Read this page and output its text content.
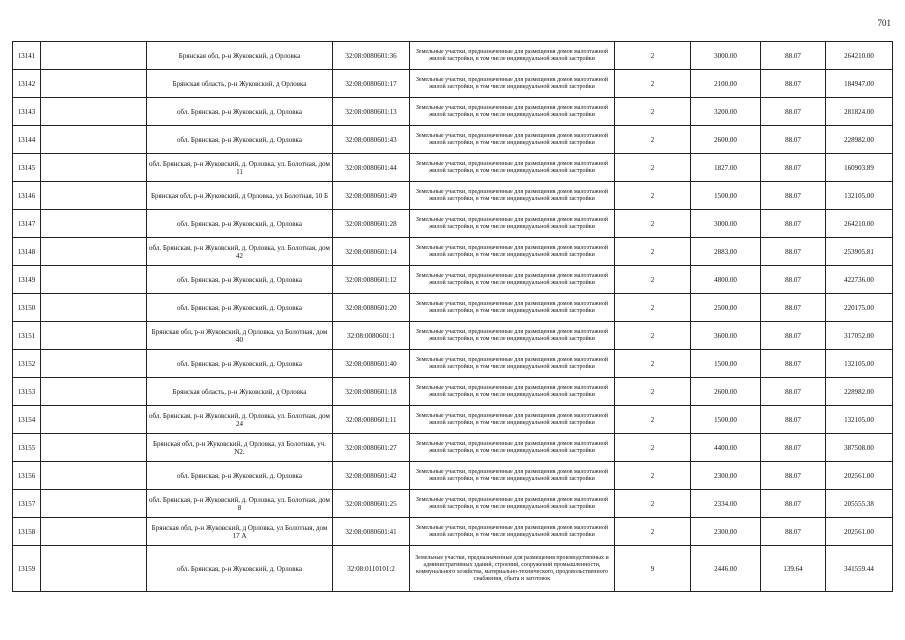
701
13141		Брянская обл, р-н Жуковский, д Орловка	32:08:0080601:36	Земельные участки, предназначенные для размещения домов малоэтажной жилой застройки, в том числе индивидуальной жилой застройки	2	3000.00	88.07	264210.00
13142		Брянская область, р-н Жуковский, д Орловка	32:08:0080601:17	Земельные участки, предназначенные для размещения домов малоэтажной жилой застройки, в том числе индивидуальной жилой застройки	2	2100.00	88.07	184947.00
13143		обл. Брянская, р-н Жуковский, д. Орловка	32:08:0080601:13	Земельные участки, предназначенные для размещения домов малоэтажной жилой застройки, в том числе индивидуальной жилой застройки	2	3200.00	88.07	281824.00
13144		обл. Брянская, р-н Жуковский, д. Орловка	32:08:0080601:43	Земельные участки, предназначенные для размещения домов малоэтажной жилой застройки, в том числе индивидуальной жилой застройки	2	2600.00	88.07	228982.00
13145		обл. Брянская, р-н Жуковский, д. Орловка, ул. Болотная, дом 11	32:08:0080601:44	Земельные участки, предназначенные для размещения домов малоэтажной жилой застройки, в том числе индивидуальной жилой застройки	2	1827.00	88.07	160903.89
13146		Брянская обл, р-н Жуковский, д Орловка, ул Болотная, 10 Б	32:08:0080601:49	Земельные участки, предназначенные для размещения домов малоэтажной жилой застройки, в том числе индивидуальной жилой застройки	2	1500.00	88.07	132105.00
13147		обл. Брянская, р-н Жуковский, д. Орловка	32:08:0080601:28	Земельные участки, предназначенные для размещения домов малоэтажной жилой застройки, в том числе индивидуальной жилой застройки	2	3000.00	88.07	264210.00
13148		обл. Брянская, р-н Жуковский, д. Орловка, ул. Болотная, дом 42	32:08:0080601:14	Земельные участки, предназначенные для размещения домов малоэтажной жилой застройки, в том числе индивидуальной жилой застройки	2	2883.00	88.07	253905.81
13149		обл. Брянская, р-н Жуковский, д. Орловка	32:08:0080601:12	Земельные участки, предназначенные для размещения домов малоэтажной жилой застройки, в том числе индивидуальной жилой застройки	2	4800.00	88.07	422736.00
13150		обл. Брянская, р-н Жуковский, д. Орловка	32:08:0080601:20	Земельные участки, предназначенные для размещения домов малоэтажной жилой застройки, в том числе индивидуальной жилой застройки	2	2500.00	88.07	220175.00
13151		Брянская обл, р-н Жуковский, д Орловка, ул Болотная, дом 40	32:08:0080601:1	Земельные участки, предназначенные для размещения домов малоэтажной жилой застройки, в том числе индивидуальной жилой застройки	2	3600.00	88.07	317052.00
13152		обл. Брянская, р-н Жуковский, д. Орловка	32:08:0080601:40	Земельные участки, предназначенные для размещения домов малоэтажной жилой застройки, в том числе индивидуальной жилой застройки	2	1500.00	88.07	132105.00
13153		Брянская область, р-н Жуковский, д Орловка	32:08:0080601:18	Земельные участки, предназначенные для размещения домов малоэтажной жилой застройки, в том числе индивидуальной жилой застройки	2	2600.00	88.07	228982.00
13154		обл. Брянская, р-н Жуковский, д. Орловка, ул. Болотная, дом 24	32:08:0080601:11	Земельные участки, предназначенные для размещения домов малоэтажной жилой застройки, в том числе индивидуальной жилой застройки	2	1500.00	88.07	132105.00
13155		Брянская обл, р-н Жуковский, д Орловка, ул Болотная, уч. N2.	32:08:0080601:27	Земельные участки, предназначенные для размещения домов малоэтажной жилой застройки, в том числе индивидуальной жилой застройки	2	4400.00	88.07	387508.00
13156		обл. Брянская, р-н Жуковский, д. Орловка	32:08:0080601:42	Земельные участки, предназначенные для размещения домов малоэтажной жилой застройки, в том числе индивидуальной жилой застройки	2	2300.00	88.07	202561.00
13157		обл. Брянская, р-н Жуковский, д. Орловка, ул. Болотная, дом 8	32:08:0080601:25	Земельные участки, предназначенные для размещения домов малоэтажной жилой застройки, в том числе индивидуальной жилой застройки	2	2334.00	88.07	205555.38
13158		Брянская обл, р-н Жуковский, д Орловка, ул Болотная, дом 17 А	32:08:0080601:41	Земельные участки, предназначенные для размещения домов малоэтажной жилой застройки, в том числе индивидуальной жилой застройки	2	2300.00	88.07	202561.00
13159		обл. Брянская, р-н Жуковский, д. Орловка	32:08:0110101:2	Земельные участки, предназначенные для размещения производственных и административных зданий, строений, сооружений промышленности, коммунального хозяйства, материально-технического, продовольственного снабжения, сбыта и заготовок	9	2446.00	139.64	341559.44
